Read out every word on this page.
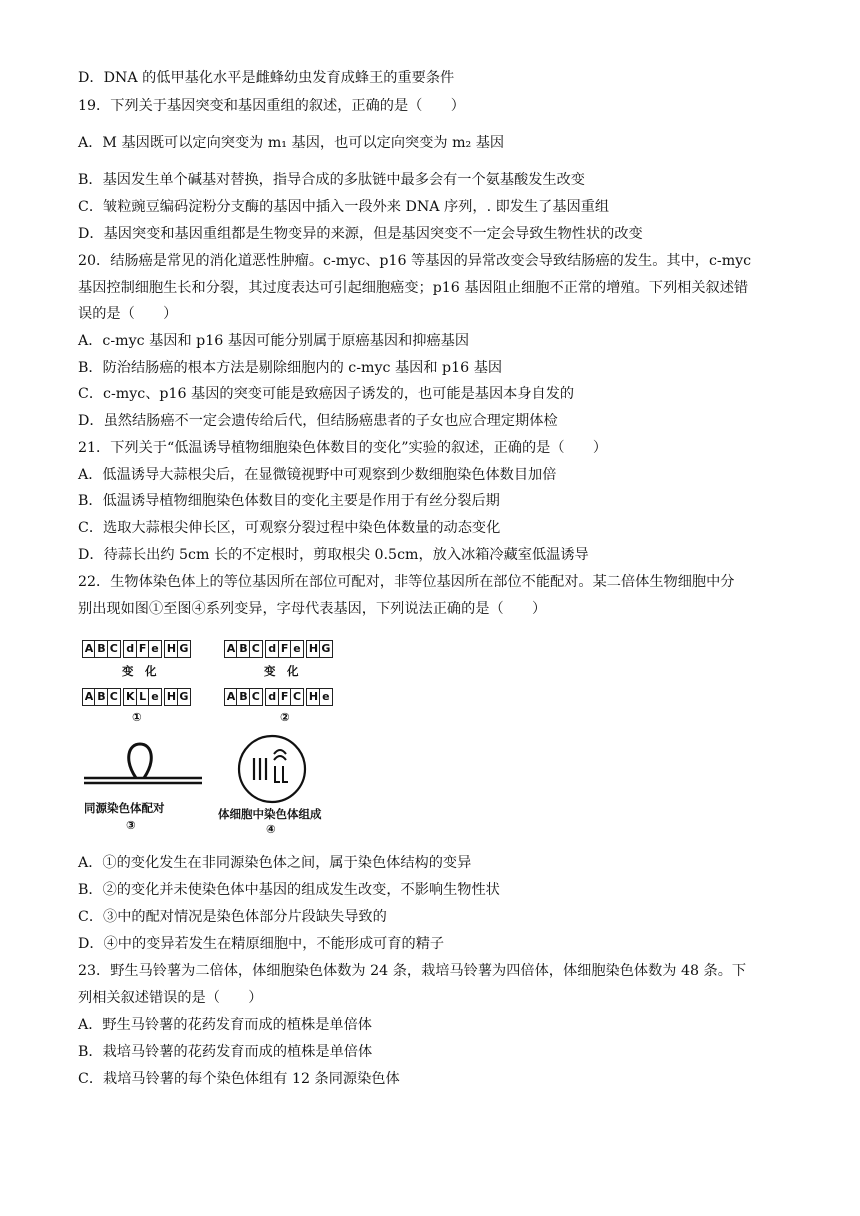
D．DNA 的低甲基化水平是雌蜂幼虫发育成蜂王的重要条件
19．下列关于基因突变和基因重组的叙述，正确的是（　　）
A．M 基因既可以定向突变为 m₁ 基因，也可以定向突变为 m₂ 基因
B．基因发生单个碱基对替换，指导合成的多肽链中最多会有一个氨基酸发生改变
C．皱粒豌豆编码淀粉分支酶的基因中插入一段外来 DNA 序列，. 即发生了基因重组
D．基因突变和基因重组都是生物变异的来源，但是基因突变不一定会导致生物性状的改变
20．结肠癌是常见的消化道恶性肿瘤。c-myc、p16 等基因的异常改变会导致结肠癌的发生。其中，c-myc
基因控制细胞生长和分裂，其过度表达可引起细胞癌变；p16 基因阻止细胞不正常的增殖。下列相关叙述错
误的是（　　）
A．c-myc 基因和 p16 基因可能分别属于原癌基因和抑癌基因
B．防治结肠癌的根本方法是剔除细胞内的 c-myc 基因和 p16 基因
C．c-myc、p16 基因的突变可能是致癌因子诱发的，也可能是基因本身自发的
D．虽然结肠癌不一定会遗传给后代，但结肠癌患者的子女也应合理定期体检
21．下列关于“低温诱导植物细胞染色体数目的变化”实验的叙述，正确的是（　　）
A．低温诱导大蒜根尖后，在显微镜视野中可观察到少数细胞染色体数目加倍
B．低温诱导植物细胞染色体数目的变化主要是作用于有丝分裂后期
C．选取大蒜根尖伸长区，可观察分裂过程中染色体数量的动态变化
D．待蒜长出约 5cm 长的不定根时，剪取根尖 0.5cm，放入冰箱冷藏室低温诱导
22．生物体染色体上的等位基因所在部位可配对，非等位基因所在部位不能配对。某二倍体生物细胞中分
别出现如图①至图④系列变异，字母代表基因，下列说法正确的是（　　）
A B C d F e H G
变　化
A B C K L e H G
①
A B C d F e H G
变　化
A B C d F C H e
②
同源染色体配对
③
体细胞中染色体组成
④
A．①的变化发生在非同源染色体之间，属于染色体结构的变异
B．②的变化并未使染色体中基因的组成发生改变，不影响生物性状
C．③中的配对情况是染色体部分片段缺失导致的
D．④中的变异若发生在精原细胞中，不能形成可育的精子
23．野生马铃薯为二倍体，体细胞染色体数为 24 条，栽培马铃薯为四倍体，体细胞染色体数为 48 条。下
列相关叙述错误的是（　　）
A．野生马铃薯的花药发育而成的植株是单倍体
B．栽培马铃薯的花药发育而成的植株是单倍体
C．栽培马铃薯的每个染色体组有 12 条同源染色体
